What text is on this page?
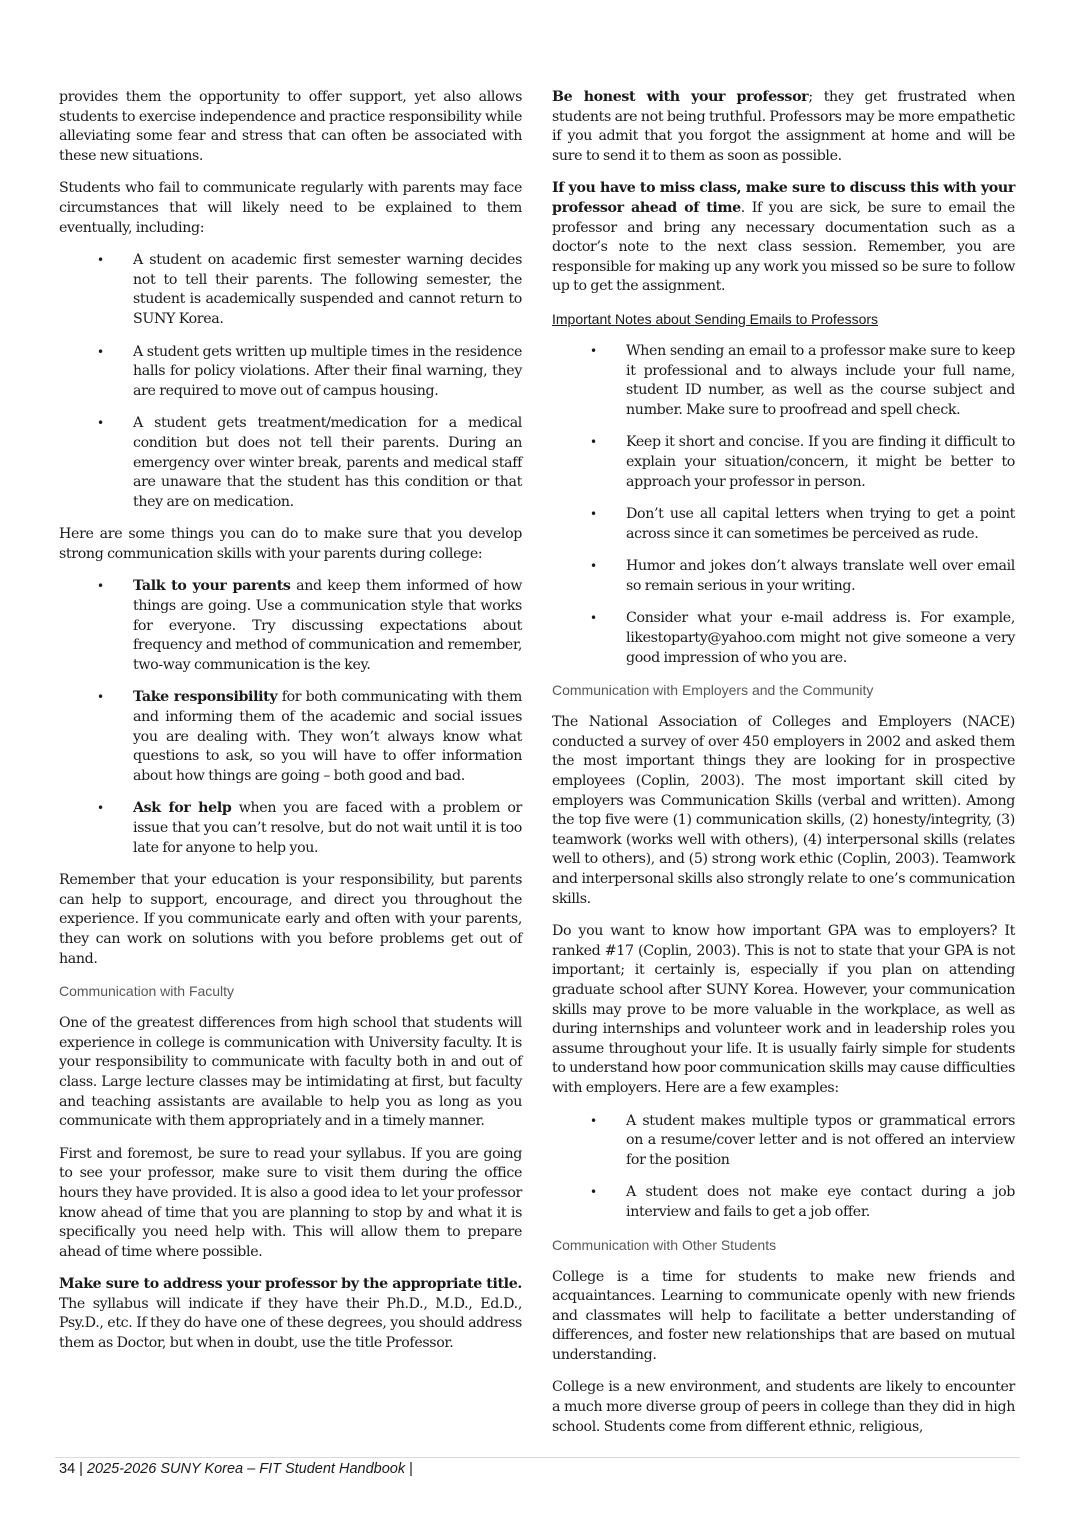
provides them the opportunity to offer support, yet also allows students to exercise independence and practice responsibility while alleviating some fear and stress that can often be associated with these new situations.

Students who fail to communicate regularly with parents may face circumstances that will likely need to be explained to them eventually, including:

• A student on academic first semester warning decides not to tell their parents. The following semester, the student is academically suspended and cannot return to SUNY Korea.
• A student gets written up multiple times in the residence halls for policy violations. After their final warning, they are required to move out of campus housing.
• A student gets treatment/medication for a medical condition but does not tell their parents. During an emergency over winter break, parents and medical staff are unaware that the student has this condition or that they are on medication.

Here are some things you can do to make sure that you develop strong communication skills with your parents during college:

• Talk to your parents and keep them informed of how things are going. Use a communication style that works for everyone. Try discussing expectations about frequency and method of communication and remember, two-way communication is the key.
• Take responsibility for both communicating with them and informing them of the academic and social issues you are dealing with. They won’t always know what questions to ask, so you will have to offer information about how things are going – both good and bad.
• Ask for help when you are faced with a problem or issue that you can’t resolve, but do not wait until it is too late for anyone to help you.

Remember that your education is your responsibility, but parents can help to support, encourage, and direct you throughout the experience. If you communicate early and often with your parents, they can work on solutions with you before problems get out of hand.

Communication with Faculty

One of the greatest differences from high school that students will experience in college is communication with University faculty. It is your responsibility to communicate with faculty both in and out of class. Large lecture classes may be intimidating at first, but faculty and teaching assistants are available to help you as long as you communicate with them appropriately and in a timely manner.

First and foremost, be sure to read your syllabus. If you are going to see your professor, make sure to visit them during the office hours they have provided. It is also a good idea to let your professor know ahead of time that you are planning to stop by and what it is specifically you need help with. This will allow them to prepare ahead of time where possible.

Make sure to address your professor by the appropriate title. The syllabus will indicate if they have their Ph.D., M.D., Ed.D., Psy.D., etc. If they do have one of these degrees, you should address them as Doctor, but when in doubt, use the title Professor.

Be honest with your professor; they get frustrated when students are not being truthful. Professors may be more empathetic if you admit that you forgot the assignment at home and will be sure to send it to them as soon as possible.

If you have to miss class, make sure to discuss this with your professor ahead of time. If you are sick, be sure to email the professor and bring any necessary documentation such as a doctor’s note to the next class session. Remember, you are responsible for making up any work you missed so be sure to follow up to get the assignment.

Important Notes about Sending Emails to Professors
• When sending an email to a professor make sure to keep it professional and to always include your full name, student ID number, as well as the course subject and number. Make sure to proofread and spell check.
• Keep it short and concise. If you are finding it difficult to explain your situation/concern, it might be better to approach your professor in person.
• Don’t use all capital letters when trying to get a point across since it can sometimes be perceived as rude.
• Humor and jokes don’t always translate well over email so remain serious in your writing.
• Consider what your e-mail address is. For example, likestoparty@yahoo.com might not give someone a very good impression of who you are.
Communication with Employers and the Community

The National Association of Colleges and Employers (NACE) conducted a survey of over 450 employers in 2002 and asked them the most important things they are looking for in prospective employees (Coplin, 2003). The most important skill cited by employers was Communication Skills (verbal and written). Among the top five were (1) communication skills, (2) honesty/integrity, (3) teamwork (works well with others), (4) interpersonal skills (relates well to others), and (5) strong work ethic (Coplin, 2003). Teamwork and interpersonal skills also strongly relate to one’s communication skills.

Do you want to know how important GPA was to employers? It ranked #17 (Coplin, 2003). This is not to state that your GPA is not important; it certainly is, especially if you plan on attending graduate school after SUNY Korea. However, your communication skills may prove to be more valuable in the workplace, as well as during internships and volunteer work and in leadership roles you assume throughout your life. It is usually fairly simple for students to understand how poor communication skills may cause difficulties with employers. Here are a few examples:

• A student makes multiple typos or grammatical errors on a resume/cover letter and is not offered an interview for the position
• A student does not make eye contact during a job interview and fails to get a job offer.
Communication with Other Students

College is a time for students to make new friends and acquaintances. Learning to communicate openly with new friends and classmates will help to facilitate a better understanding of differences, and foster new relationships that are based on mutual understanding.

College is a new environment, and students are likely to encounter a much more diverse group of peers in college than they did in high school. Students come from different ethnic, religious,

34 | 2025-2026 SUNY Korea – FIT Student Handbook |
